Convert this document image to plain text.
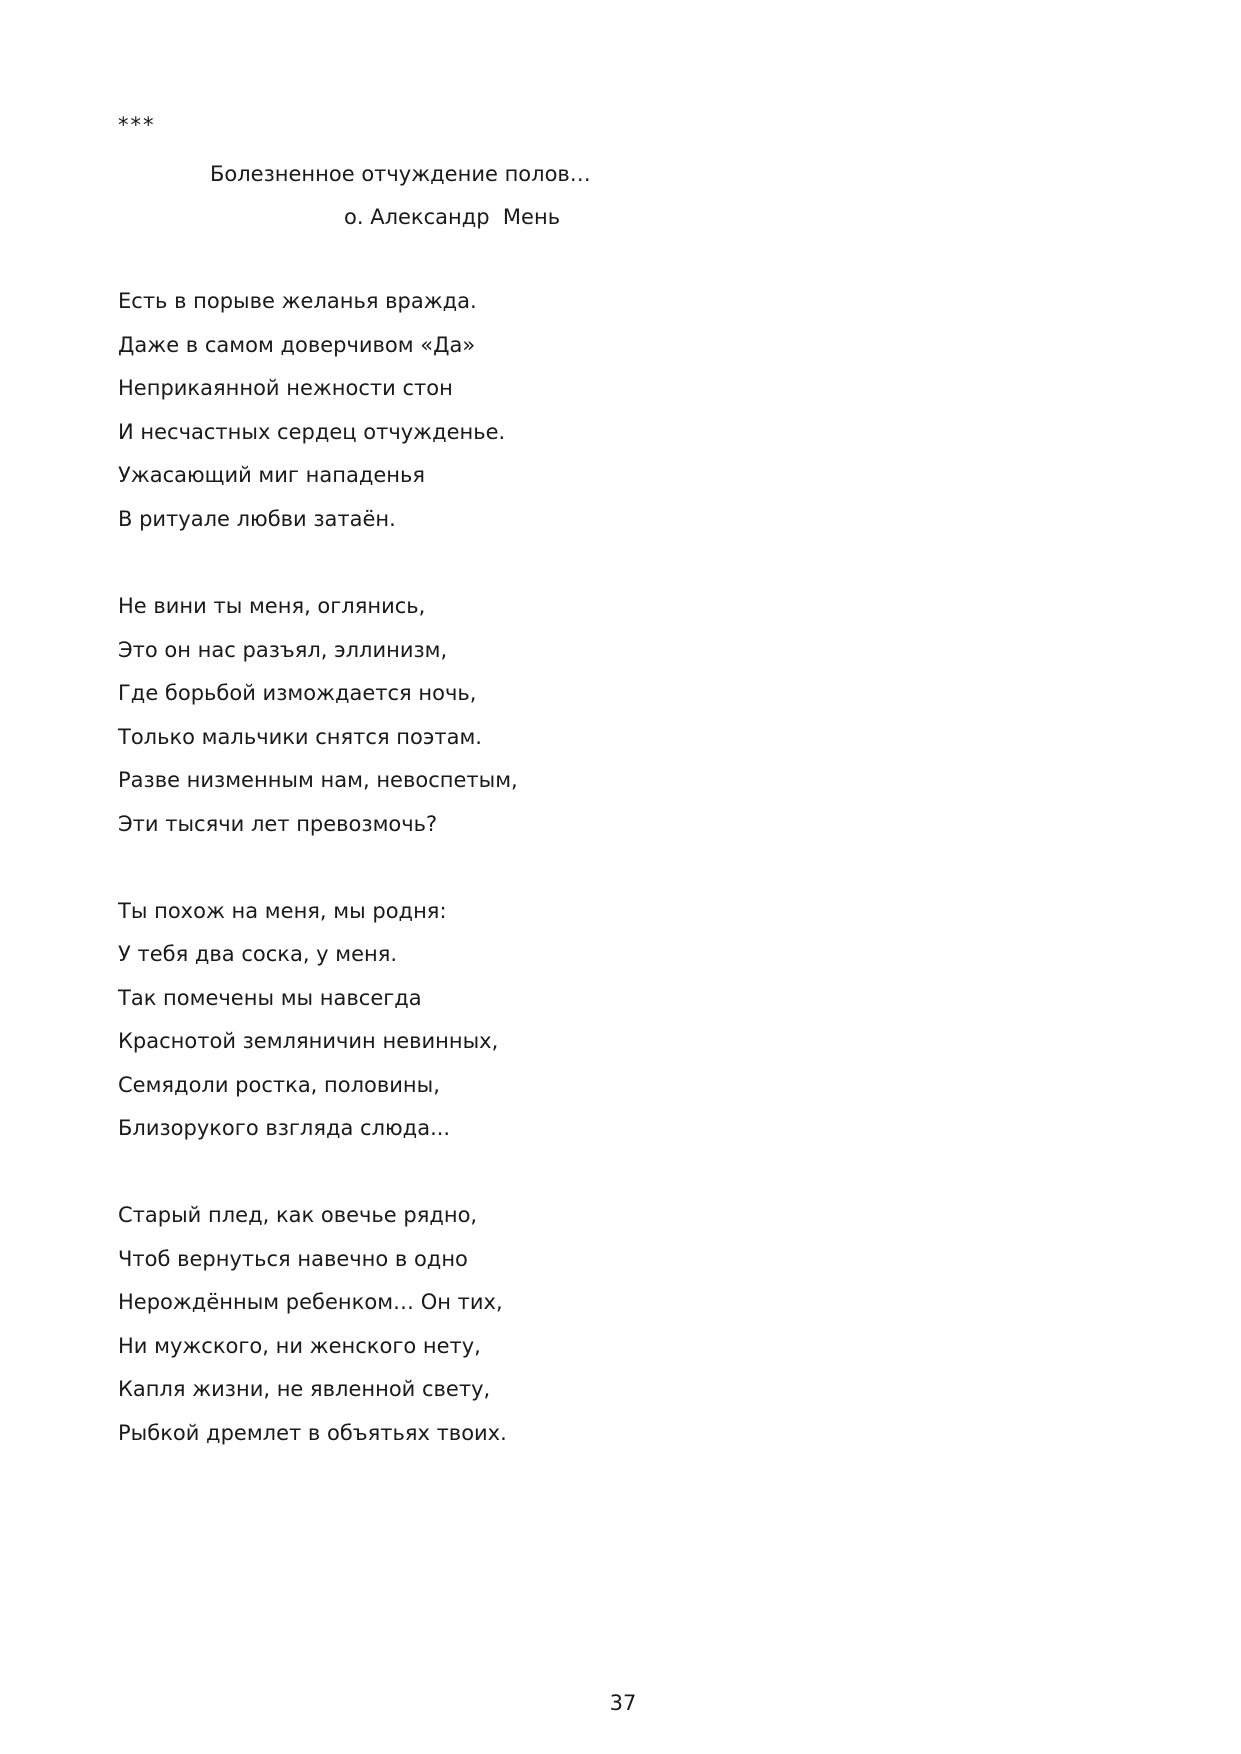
***
Болезненное отчуждение полов…
о. Александр  Мень
Есть в порыве желанья вражда.
Даже в самом доверчивом «Да»
Неприкаянной нежности стон
И несчастных сердец отчужденье.
Ужасающий миг нападенья
В ритуале любви затаён.
Не вини ты меня, оглянись,
Это он нас разъял, эллинизм,
Где борьбой измождается ночь,
Только мальчики снятся поэтам.
Разве низменным нам, невоспетым,
Эти тысячи лет превозмочь?
Ты похож на меня, мы родня:
У тебя два соска, у меня.
Так помечены мы навсегда
Краснотой земляничин невинных,
Семядоли ростка, половины,
Близорукого взгляда слюда...
Старый плед, как овечье рядно,
Чтоб вернуться навечно в одно
Нерождённым ребенком… Он тих,
Ни мужского, ни женского нету,
Капля жизни, не явленной свету,
Рыбкой дремлет в объятьях твоих.
37
